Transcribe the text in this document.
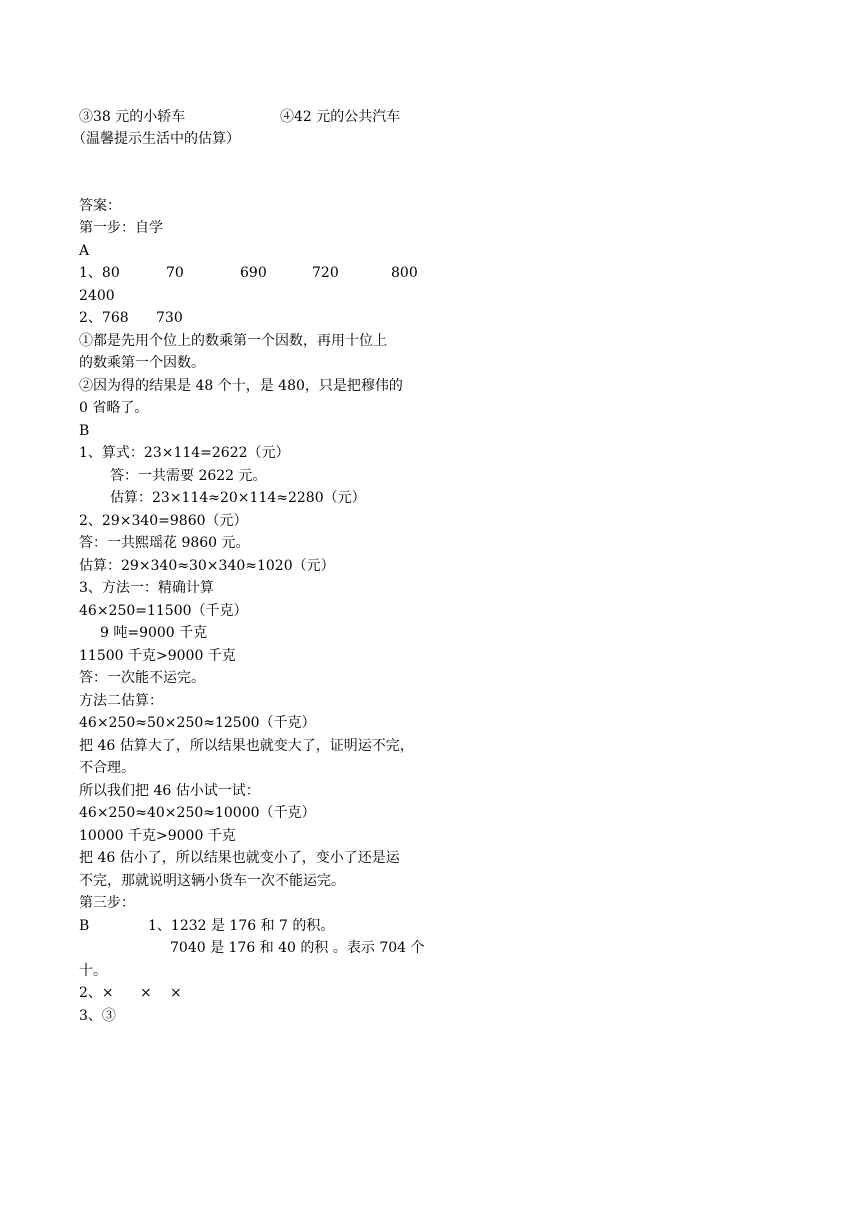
③38 元的小轿车	④42 元的公共汽车
（温馨提示生活中的估算）
答案：
第一步：自学
A
1、80	70	690	720	800
2400
2、768 730
①都是先用个位上的数乘第一个因数，再用十位上
的数乘第一个因数。
②因为得的结果是 48 个十，是 480，只是把穆伟的
0 省略了。
B
1、算式：23×114=2622（元）
答：一共需要 2622 元。
估算：23×114≈20×114≈2280（元）
2、29×340=9860（元）
答：一共熙瑶花 9860 元。
估算：29×340≈30×340≈1020（元）
3、方法一：精确计算
46×250=11500（千克）
9 吨=9000 千克
11500 千克>9000 千克
答：一次能不运完。
方法二估算：
46×250≈50×250≈12500（千克）
把 46 估算大了，所以结果也就变大了，证明运不完，
不合理。
所以我们把 46 估小试一试：
46×250≈40×250≈10000（千克）
10000 千克>9000 千克
把 46 估小了，所以结果也就变小了，变小了还是运
不完，那就说明这辆小货车一次不能运完。
第三步：
B	1、1232 是 176 和 7 的积。
7040 是 176 和 40 的积 。表示 704 个
十。
2、× × ×
3、③
